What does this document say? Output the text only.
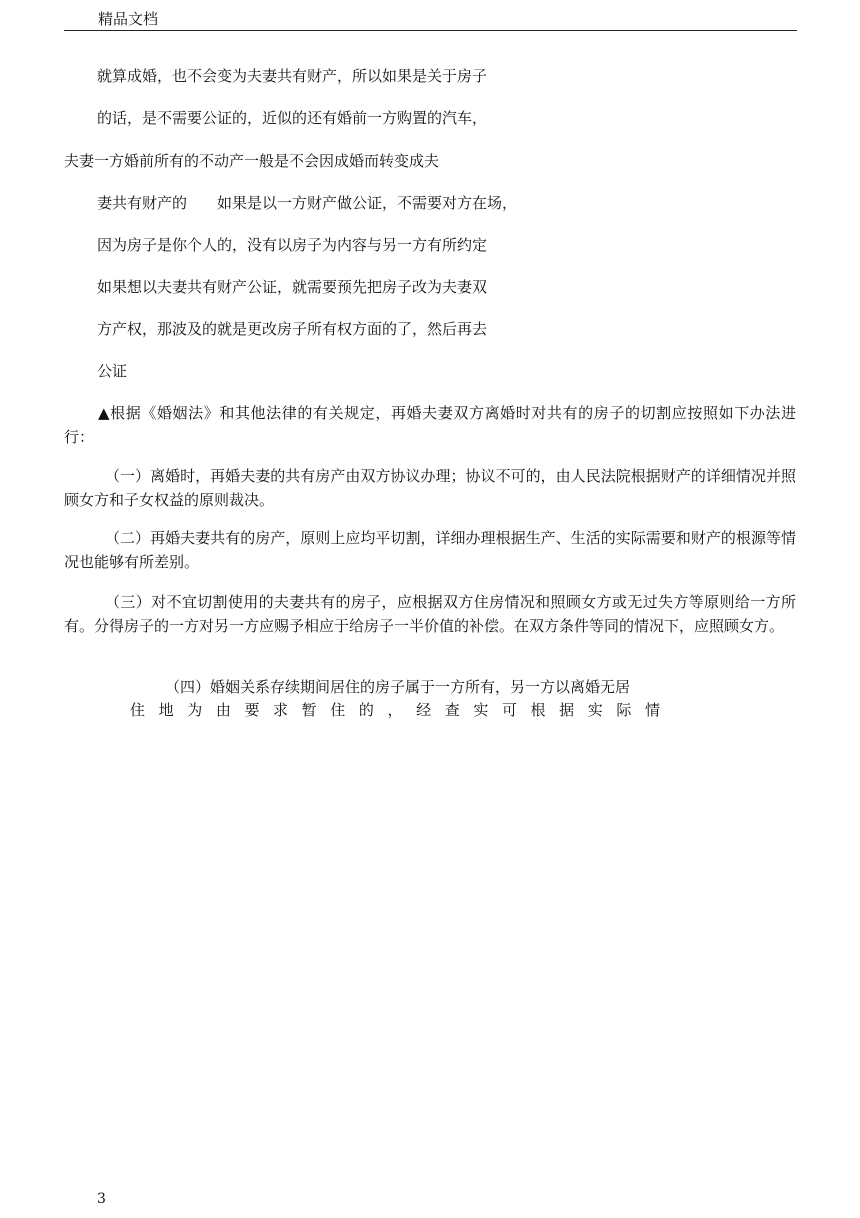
精品文档
就算成婚，也不会变为夫妻共有财产，所以如果是关于房子
的话，是不需要公证的，近似的还有婚前一方购置的汽车，
夫妻一方婚前所有的不动产一般是不会因成婚而转变成夫
妻共有财产的　　如果是以一方财产做公证，不需要对方在场，
因为房子是你个人的，没有以房子为内容与另一方有所约定
如果想以夫妻共有财产公证，就需要预先把房子改为夫妻双
方产权，那波及的就是更改房子所有权方面的了，然后再去
公证
▲根据《婚姻法》和其他法律的有关规定，再婚夫妻双方离婚时对共有的房子的切割应按照如下办法进行：
（一）离婚时，再婚夫妻的共有房产由双方协议办理；协议不可的，由人民法院根据财产的详细情况并照顾女方和子女权益的原则裁决。
（二）再婚夫妻共有的房产，原则上应均平切割，详细办理根据生产、生活的实际需要和财产的根源等情况也能够有所差别。
（三）对不宜切割使用的夫妻共有的房子，应根据双方住房情况和照顾女方或无过失方等原则给一方所有。分得房子的一方对另一方应赐予相应于给房子一半价值的补偿。在双方条件等同的情况下，应照顾女方。
（四）婚姻关系存续期间居住的房子属于一方所有，另一方以离婚无居
住 地 为 由 要 求 暂 住 的 ， 经 查 实 可 根 据 实 际 情
3
